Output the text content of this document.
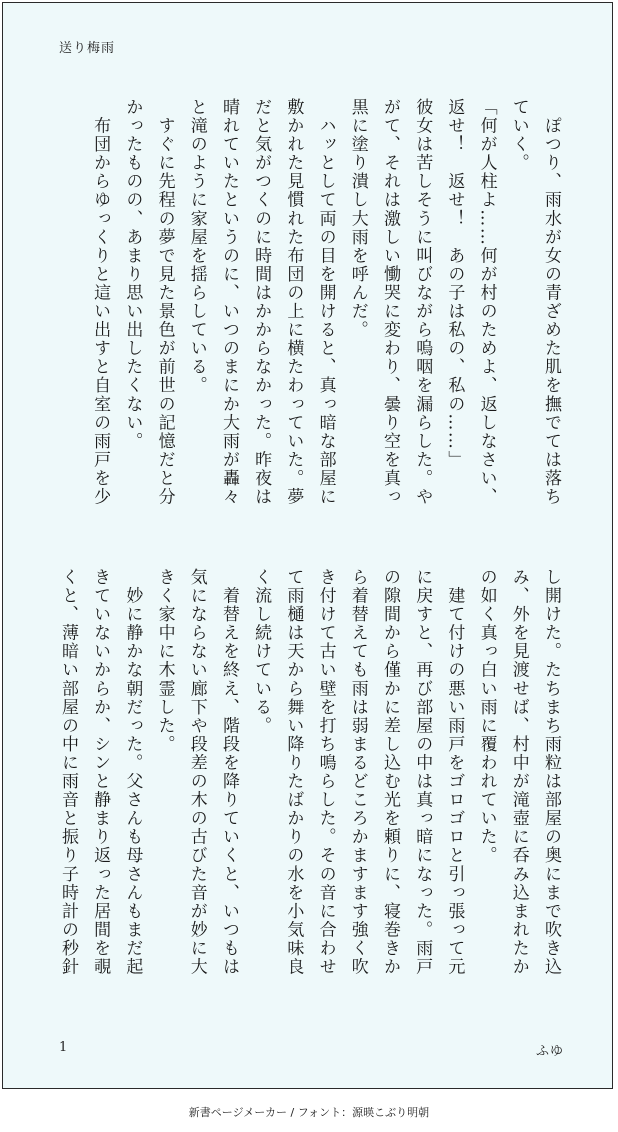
送り梅雨
　ぽつり、雨水が女の青ざめた肌を撫でては落ち
ていく。
「何が人柱よ……何が村のためよ、返しなさい、
返せ！　返せ！　あの子は私の、私の……」
彼女は苦しそうに叫びながら嗚咽を漏らした。や
がて、それは激しい慟哭に変わり、曇り空を真っ
黒に塗り潰し大雨を呼んだ。
　ハッとして両の目を開けると、真っ暗な部屋に
敷かれた見慣れた布団の上に横たわっていた。夢
だと気がつくのに時間はかからなかった。昨夜は
晴れていたというのに、いつのまにか大雨が轟々
と滝のように家屋を揺らしている。
　すぐに先程の夢で見た景色が前世の記憶だと分
かったものの、あまり思い出したくない。
　布団からゆっくりと這い出すと自室の雨戸を少
し開けた。たちまち雨粒は部屋の奥にまで吹き込
み、外を見渡せば、村中が滝壺に呑み込まれたか
の如く真っ白い雨に覆われていた。
　建て付けの悪い雨戸をゴロゴロと引っ張って元
に戻すと、再び部屋の中は真っ暗になった。雨戸
の隙間から僅かに差し込む光を頼りに、寝巻きか
ら着替えても雨は弱まるどころかますます強く吹
き付けて古い壁を打ち鳴らした。その音に合わせ
て雨樋は天から舞い降りたばかりの水を小気味良
く流し続けている。
　着替えを終え、階段を降りていくと、いつもは
気にならない廊下や段差の木の古びた音が妙に大
きく家中に木霊した。
　妙に静かな朝だった。父さんも母さんもまだ起
きていないからか、シンと静まり返った居間を覗
くと、薄暗い部屋の中に雨音と振り子時計の秒針
1	ふゆ
新書ページメーカー / フォント：源暎こぶり明朝
